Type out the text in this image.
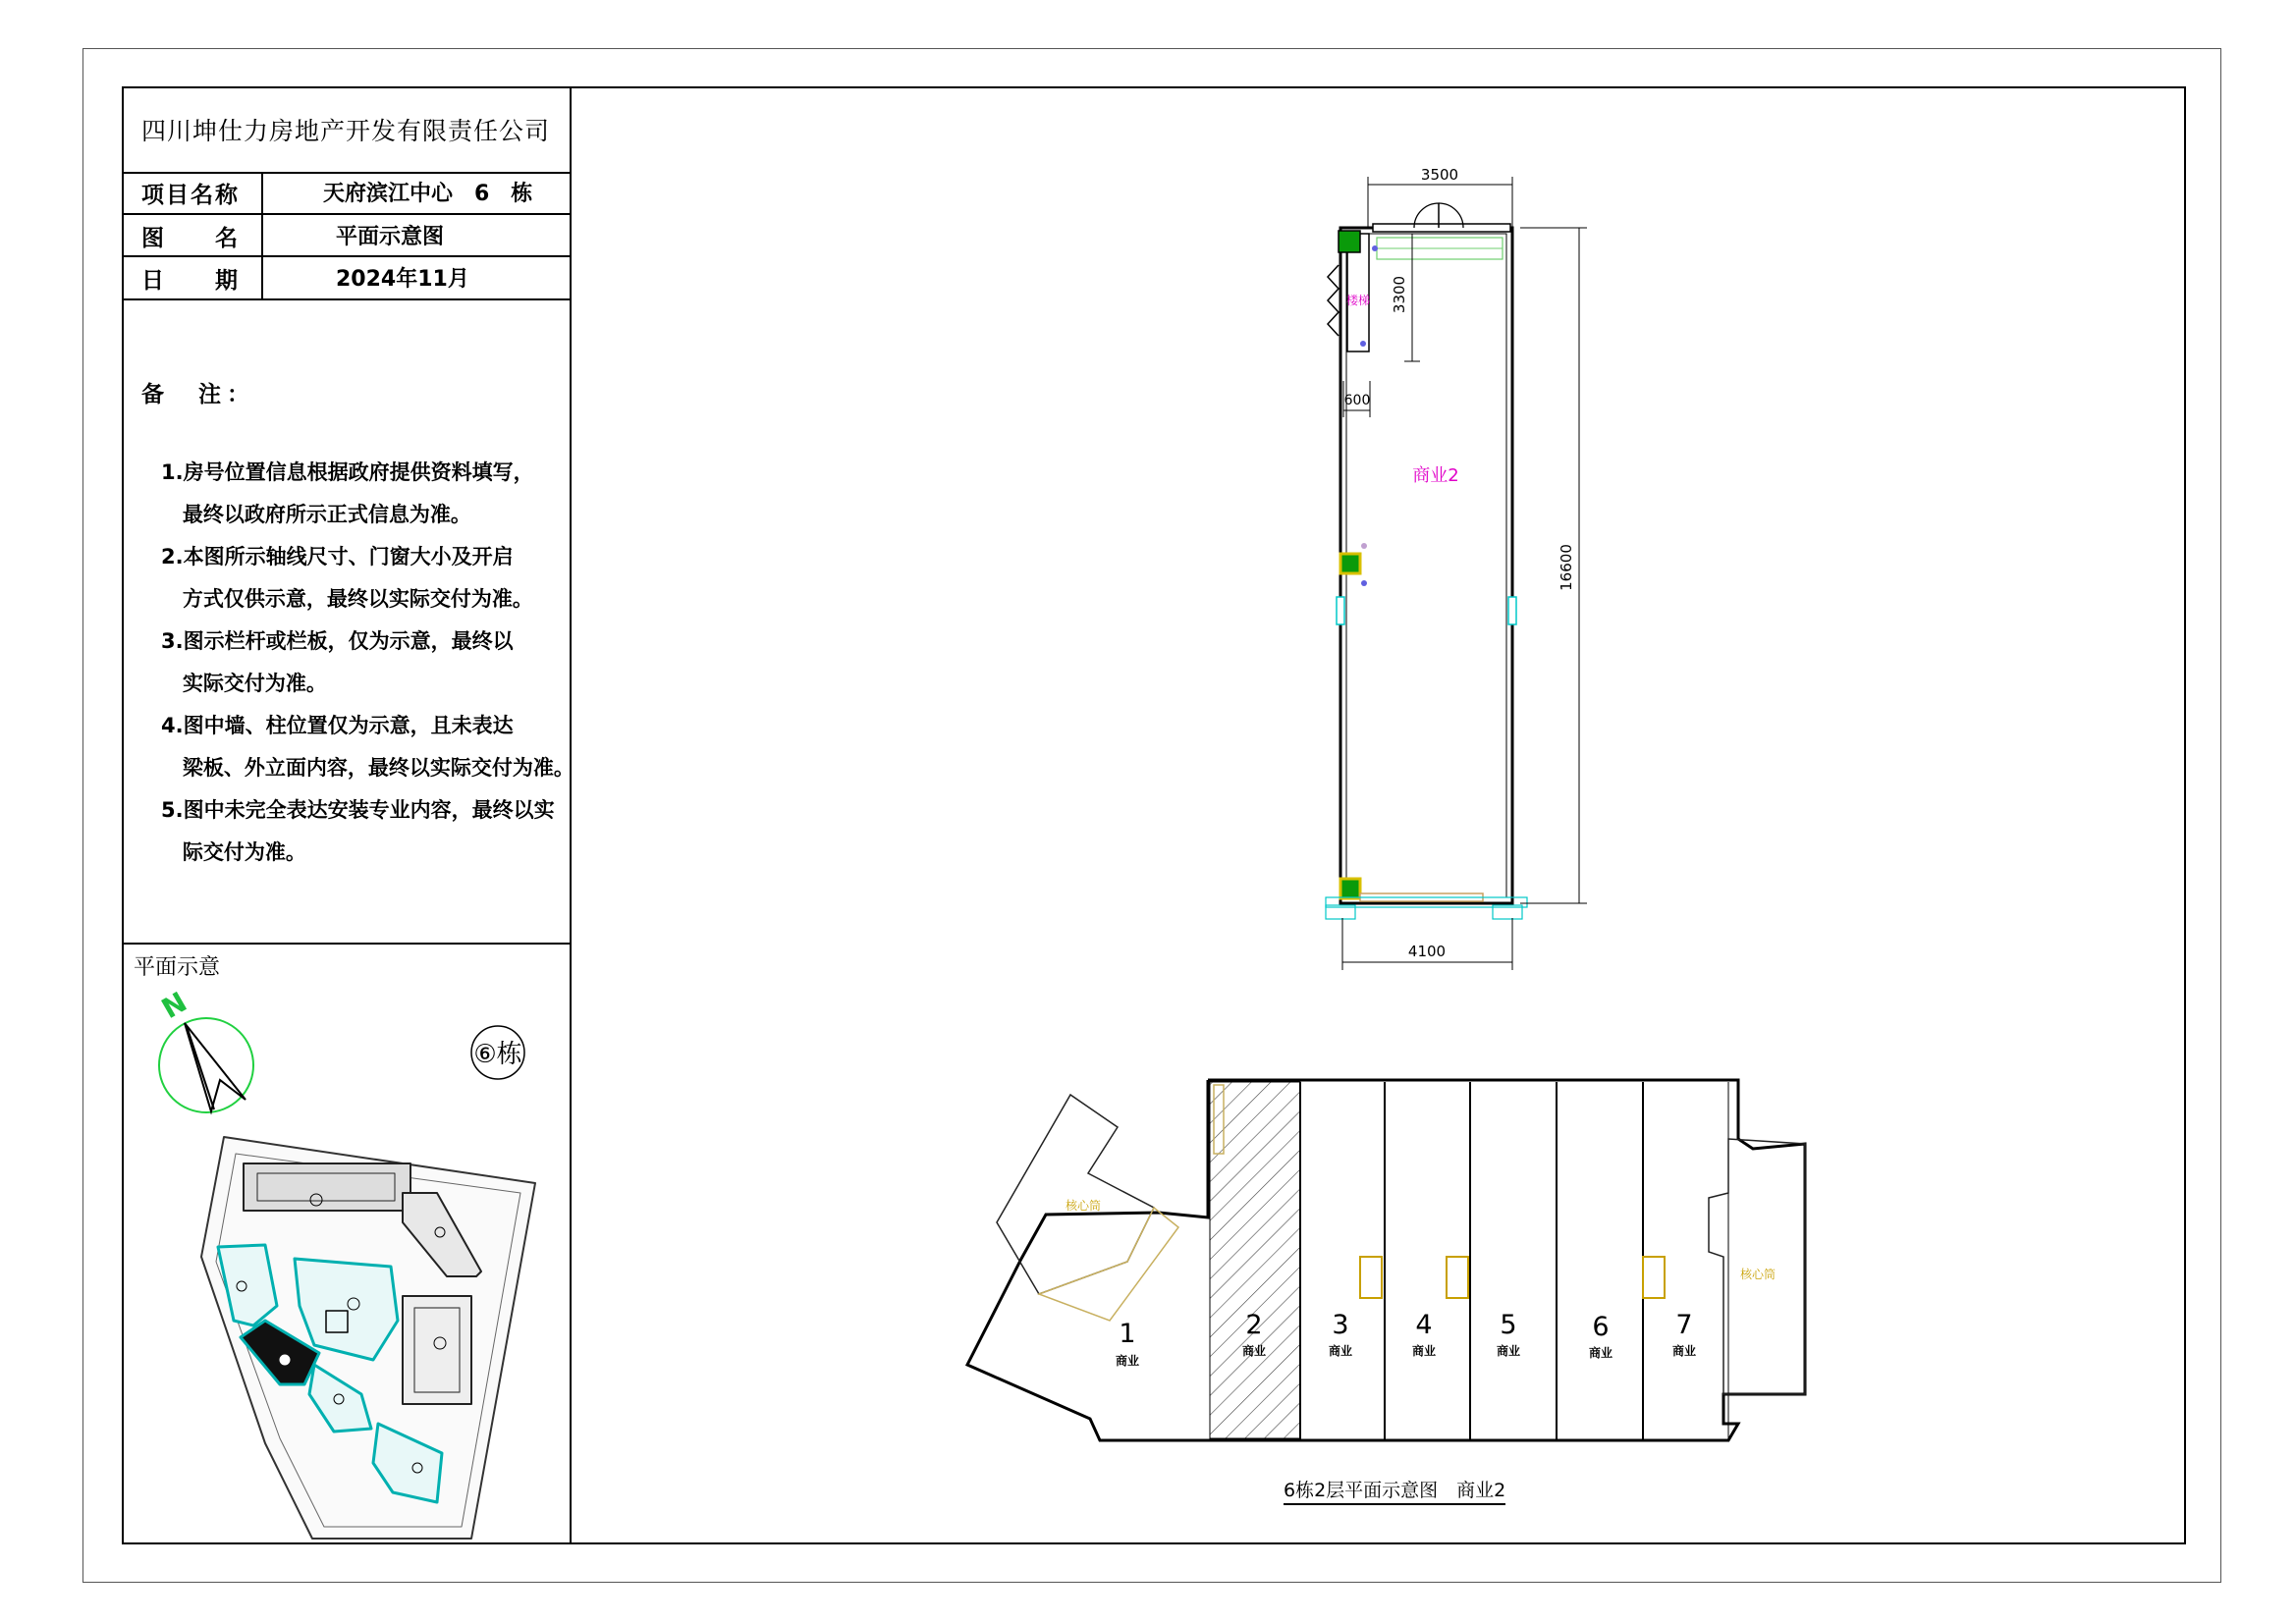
四川坤仕力房地产开发有限责任公司
项目名称	天府滨江中心　6　栋
图　　名	平面示意图
日　　期	2024年11月
备　注：
1.房号位置信息根据政府提供资料填写，
最终以政府所示正式信息为准。
2.本图所示轴线尺寸、门窗大小及开启
方式仅供示意，最终以实际交付为准。
3.图示栏杆或栏板，仅为示意，最终以
实际交付为准。
4.图中墙、柱位置仅为示意，且未表达
梁板、外立面内容，最终以实际交付为准。
5.图中未完全表达安装专业内容，最终以实
际交付为准。
平面示意
N
⑥栋
楼梯
商业2
3500
4100
16600
3300
600
核心筒
核心筒
1
商业
2
商业
3
商业
4
商业
5
商业
6
商业
7
商业
6栋2层平面示意图　商业2
